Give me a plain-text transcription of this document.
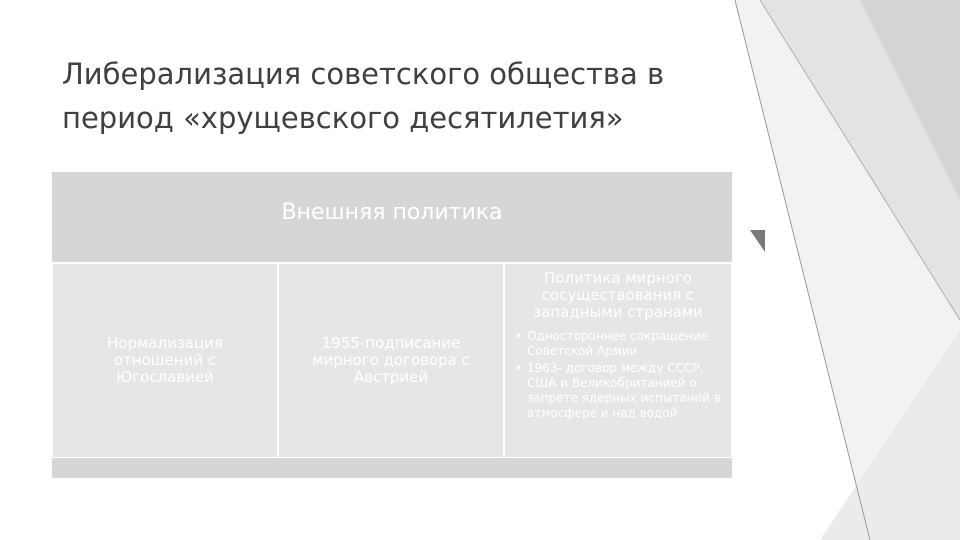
Либерализация советского общества в период «хрущевского десятилетия»
Внешняя политика
Нормализация отношений с Югославией
1955-подписание мирного договора с Австрией
Политика мирного сосуществования с западными странами
• Одностороннее сокращение Советской Армии
• 1963- договор между СССР, США и Великобританией о запрете ядерных испытаний в атмосфере и над водой
